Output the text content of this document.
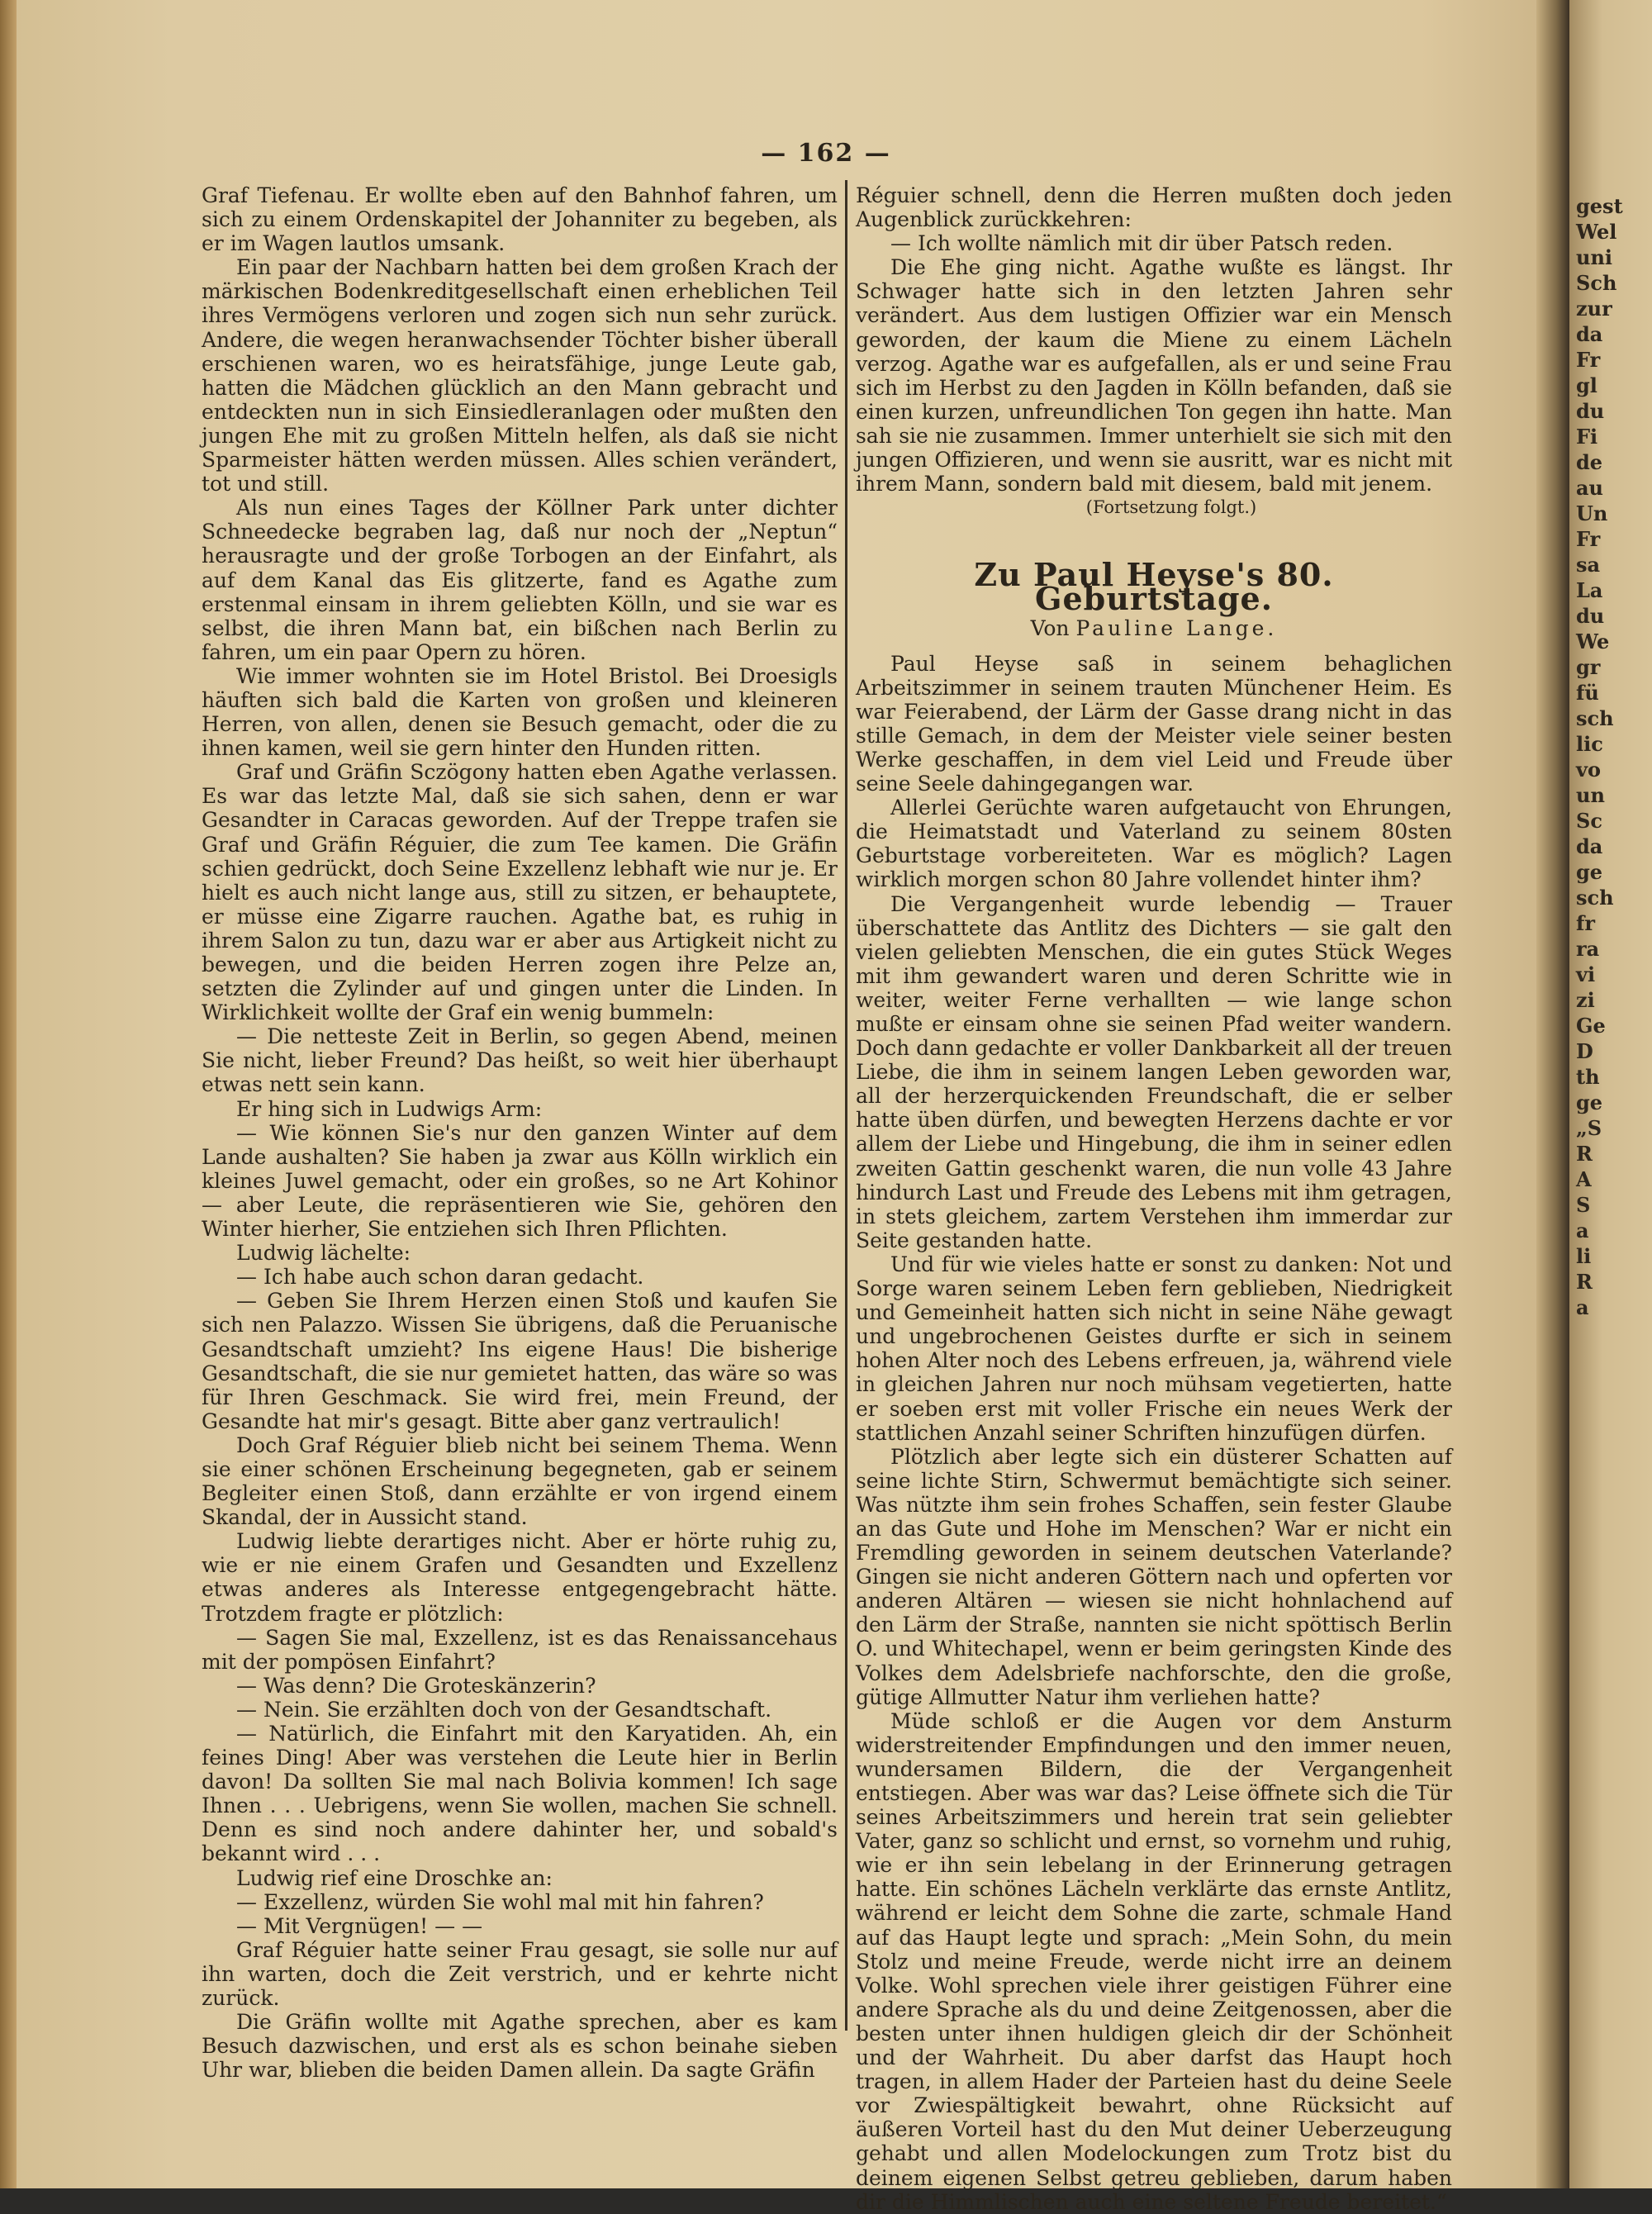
gest
Wel
uni
Sch
zur
da
Fr
gl
du
Fi
de
au
Un
Fr
sa
La
du
We
gr
fü
sch
lic
vo
un
Sc
da
ge
sch
fr
ra
vi
zi
Ge
D
th
ge
„S
R
A
S
a
li
R
a
— 162 —

Graf Tiefenau. Er wollte eben auf den Bahnhof fahren, um sich zu einem Ordenskapitel der Johanniter zu begeben, als er im Wagen lautlos umsank.

Ein paar der Nachbarn hatten bei dem großen Krach der märkischen Bodenkreditgesellschaft einen erheblichen Teil ihres Vermögens verloren und zogen sich nun sehr zurück. Andere, die wegen heranwachsender Töchter bisher überall erschienen waren, wo es heiratsfähige, junge Leute gab, hatten die Mädchen glücklich an den Mann gebracht und entdeckten nun in sich Einsiedleranlagen oder mußten den jungen Ehe mit zu großen Mitteln helfen, als daß sie nicht Sparmeister hätten werden müssen. Alles schien verändert, tot und still.

Als nun eines Tages der Köllner Park unter dichter Schneedecke begraben lag, daß nur noch der „Neptun“ herausragte und der große Torbogen an der Einfahrt, als auf dem Kanal das Eis glitzerte, fand es Agathe zum erstenmal einsam in ihrem geliebten Kölln, und sie war es selbst, die ihren Mann bat, ein bißchen nach Berlin zu fahren, um ein paar Opern zu hören.

Wie immer wohnten sie im Hotel Bristol. Bei Droesigls häuften sich bald die Karten von großen und kleineren Herren, von allen, denen sie Besuch gemacht, oder die zu ihnen kamen, weil sie gern hinter den Hunden ritten.

Graf und Gräfin Sczögony hatten eben Agathe verlassen. Es war das letzte Mal, daß sie sich sahen, denn er war Gesandter in Caracas geworden. Auf der Treppe trafen sie Graf und Gräfin Réguier, die zum Tee kamen. Die Gräfin schien gedrückt, doch Seine Exzellenz lebhaft wie nur je. Er hielt es auch nicht lange aus, still zu sitzen, er behauptete, er müsse eine Zigarre rauchen. Agathe bat, es ruhig in ihrem Salon zu tun, dazu war er aber aus Artigkeit nicht zu bewegen, und die beiden Herren zogen ihre Pelze an, setzten die Zylinder auf und gingen unter die Linden. In Wirklichkeit wollte der Graf ein wenig bummeln:

— Die netteste Zeit in Berlin, so gegen Abend, meinen Sie nicht, lieber Freund? Das heißt, so weit hier überhaupt etwas nett sein kann.

Er hing sich in Ludwigs Arm:

— Wie können Sie's nur den ganzen Winter auf dem Lande aushalten? Sie haben ja zwar aus Kölln wirklich ein kleines Juwel gemacht, oder ein großes, so ne Art Kohinor — aber Leute, die repräsentieren wie Sie, gehören den Winter hierher, Sie entziehen sich Ihren Pflichten.

Ludwig lächelte:

— Ich habe auch schon daran gedacht.

— Geben Sie Ihrem Herzen einen Stoß und kaufen Sie sich nen Palazzo. Wissen Sie übrigens, daß die Peruanische Gesandtschaft umzieht? Ins eigene Haus! Die bisherige Gesandtschaft, die sie nur gemietet hatten, das wäre so was für Ihren Geschmack. Sie wird frei, mein Freund, der Gesandte hat mir's gesagt. Bitte aber ganz vertraulich!

Doch Graf Réguier blieb nicht bei seinem Thema. Wenn sie einer schönen Erscheinung begegneten, gab er seinem Begleiter einen Stoß, dann erzählte er von irgend einem Skandal, der in Aussicht stand.

Ludwig liebte derartiges nicht. Aber er hörte ruhig zu, wie er nie einem Grafen und Gesandten und Exzellenz etwas anderes als Interesse entgegengebracht hätte. Trotzdem fragte er plötzlich:

— Sagen Sie mal, Exzellenz, ist es das Renaissancehaus mit der pompösen Einfahrt?

— Was denn? Die Groteskänzerin?

— Nein. Sie erzählten doch von der Gesandtschaft.

— Natürlich, die Einfahrt mit den Karyatiden. Ah, ein feines Ding! Aber was verstehen die Leute hier in Berlin davon! Da sollten Sie mal nach Bolivia kommen! Ich sage Ihnen . . . Uebrigens, wenn Sie wollen, machen Sie schnell. Denn es sind noch andere dahinter her, und sobald's bekannt wird . . .

Ludwig rief eine Droschke an:

— Exzellenz, würden Sie wohl mal mit hin fahren?

— Mit Vergnügen! — —

Graf Réguier hatte seiner Frau gesagt, sie solle nur auf ihn warten, doch die Zeit verstrich, und er kehrte nicht zurück.

Die Gräfin wollte mit Agathe sprechen, aber es kam Besuch dazwischen, und erst als es schon beinahe sieben Uhr war, blieben die beiden Damen allein. Da sagte Gräfin

Réguier schnell, denn die Herren mußten doch jeden Augenblick zurückkehren:

— Ich wollte nämlich mit dir über Patsch reden.

Die Ehe ging nicht. Agathe wußte es längst. Ihr Schwager hatte sich in den letzten Jahren sehr verändert. Aus dem lustigen Offizier war ein Mensch geworden, der kaum die Miene zu einem Lächeln verzog. Agathe war es aufgefallen, als er und seine Frau sich im Herbst zu den Jagden in Kölln befanden, daß sie einen kurzen, unfreundlichen Ton gegen ihn hatte. Man sah sie nie zusammen. Immer unterhielt sie sich mit den jungen Offizieren, und wenn sie ausritt, war es nicht mit ihrem Mann, sondern bald mit diesem, bald mit jenem.

(Fortsetzung folgt.)

Zu Paul Heyse's 80. Geburtstage.
Von Pauline Lange.

Paul Heyse saß in seinem behaglichen Arbeitszimmer in seinem trauten Münchener Heim. Es war Feierabend, der Lärm der Gasse drang nicht in das stille Gemach, in dem der Meister viele seiner besten Werke geschaffen, in dem viel Leid und Freude über seine Seele dahingegangen war.

Allerlei Gerüchte waren aufgetaucht von Ehrungen, die Heimatstadt und Vaterland zu seinem 80sten Geburtstage vorbereiteten. War es möglich? Lagen wirklich morgen schon 80 Jahre vollendet hinter ihm?

Die Vergangenheit wurde lebendig — Trauer überschattete das Antlitz des Dichters — sie galt den vielen geliebten Menschen, die ein gutes Stück Weges mit ihm gewandert waren und deren Schritte wie in weiter, weiter Ferne verhallten — wie lange schon mußte er einsam ohne sie seinen Pfad weiter wandern. Doch dann gedachte er voller Dankbarkeit all der treuen Liebe, die ihm in seinem langen Leben geworden war, all der herzerquickenden Freundschaft, die er selber hatte üben dürfen, und bewegten Herzens dachte er vor allem der Liebe und Hingebung, die ihm in seiner edlen zweiten Gattin geschenkt waren, die nun volle 43 Jahre hindurch Last und Freude des Lebens mit ihm getragen, in stets gleichem, zartem Verstehen ihm immerdar zur Seite gestanden hatte.

Und für wie vieles hatte er sonst zu danken: Not und Sorge waren seinem Leben fern geblieben, Niedrigkeit und Gemeinheit hatten sich nicht in seine Nähe gewagt und ungebrochenen Geistes durfte er sich in seinem hohen Alter noch des Lebens erfreuen, ja, während viele in gleichen Jahren nur noch mühsam vegetierten, hatte er soeben erst mit voller Frische ein neues Werk der stattlichen Anzahl seiner Schriften hinzufügen dürfen.

Plötzlich aber legte sich ein düsterer Schatten auf seine lichte Stirn, Schwermut bemächtigte sich seiner. Was nützte ihm sein frohes Schaffen, sein fester Glaube an das Gute und Hohe im Menschen? War er nicht ein Fremdling geworden in seinem deutschen Vaterlande? Gingen sie nicht anderen Göttern nach und opferten vor anderen Altären — wiesen sie nicht hohnlachend auf den Lärm der Straße, nannten sie nicht spöttisch Berlin O. und Whitechapel, wenn er beim geringsten Kinde des Volkes dem Adelsbriefe nachforschte, den die große, gütige Allmutter Natur ihm verliehen hatte?

Müde schloß er die Augen vor dem Ansturm widerstreitender Empfindungen und den immer neuen, wundersamen Bildern, die der Vergangenheit entstiegen. Aber was war das? Leise öffnete sich die Tür seines Arbeitszimmers und herein trat sein geliebter Vater, ganz so schlicht und ernst, so vornehm und ruhig, wie er ihn sein lebelang in der Erinnerung getragen hatte. Ein schönes Lächeln verklärte das ernste Antlitz, während er leicht dem Sohne die zarte, schmale Hand auf das Haupt legte und sprach: „Mein Sohn, du mein Stolz und meine Freude, werde nicht irre an deinem Volke. Wohl sprechen viele ihrer geistigen Führer eine andere Sprache als du und deine Zeitgenossen, aber die besten unter ihnen huldigen gleich dir der Schönheit und der Wahrheit. Du aber darfst das Haupt hoch tragen, in allem Hader der Parteien hast du deine Seele vor Zwiespältigkeit bewahrt, ohne Rücksicht auf äußeren Vorteil hast du den Mut deiner Ueberzeugung gehabt und allen Modelockungen zum Trotz bist du deinem eigenen Selbst getreu geblieben, darum haben dir die Himmlischen auch eine seltene Freude bereitet.“
